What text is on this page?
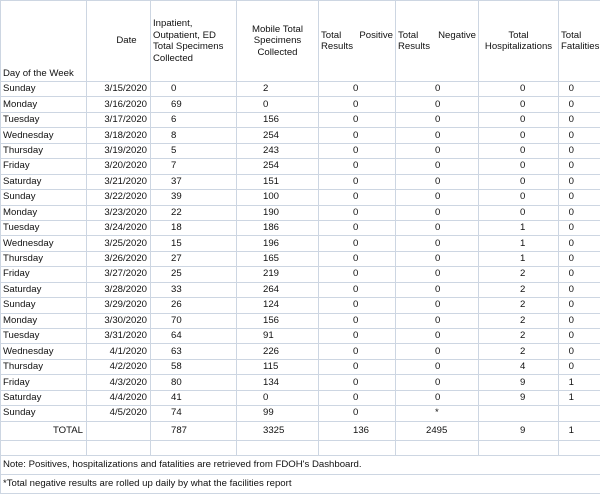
Day of the Week	Date	Inpatient, Outpatient, ED Total Specimens Collected	Mobile Total Specimens Collected	Total Positive Results	Total Negative Results	Total Hospitalizations	Total Fatalities
Sunday	3/15/2020	0	2	0	0	0	0
Monday	3/16/2020	69	0	0	0	0	0
Tuesday	3/17/2020	6	156	0	0	0	0
Wednesday	3/18/2020	8	254	0	0	0	0
Thursday	3/19/2020	5	243	0	0	0	0
Friday	3/20/2020	7	254	0	0	0	0
Saturday	3/21/2020	37	151	0	0	0	0
Sunday	3/22/2020	39	100	0	0	0	0
Monday	3/23/2020	22	190	0	0	0	0
Tuesday	3/24/2020	18	186	0	0	1	0
Wednesday	3/25/2020	15	196	0	0	1	0
Thursday	3/26/2020	27	165	0	0	1	0
Friday	3/27/2020	25	219	0	0	2	0
Saturday	3/28/2020	33	264	0	0	2	0
Sunday	3/29/2020	26	124	0	0	2	0
Monday	3/30/2020	70	156	0	0	2	0
Tuesday	3/31/2020	64	91	0	0	2	0
Wednesday	4/1/2020	63	226	0	0	2	0
Thursday	4/2/2020	58	115	0	0	4	0
Friday	4/3/2020	80	134	0	0	9	1
Saturday	4/4/2020	41	0	0	0	9	1
Sunday	4/5/2020	74	99	0	*		
TOTAL		787	3325	136	2495	9	1

Note: Positives, hospitalizations and fatalities are retrieved from FDOH's Dashboard.							
*Total negative results are rolled up daily by what the facilities report							
